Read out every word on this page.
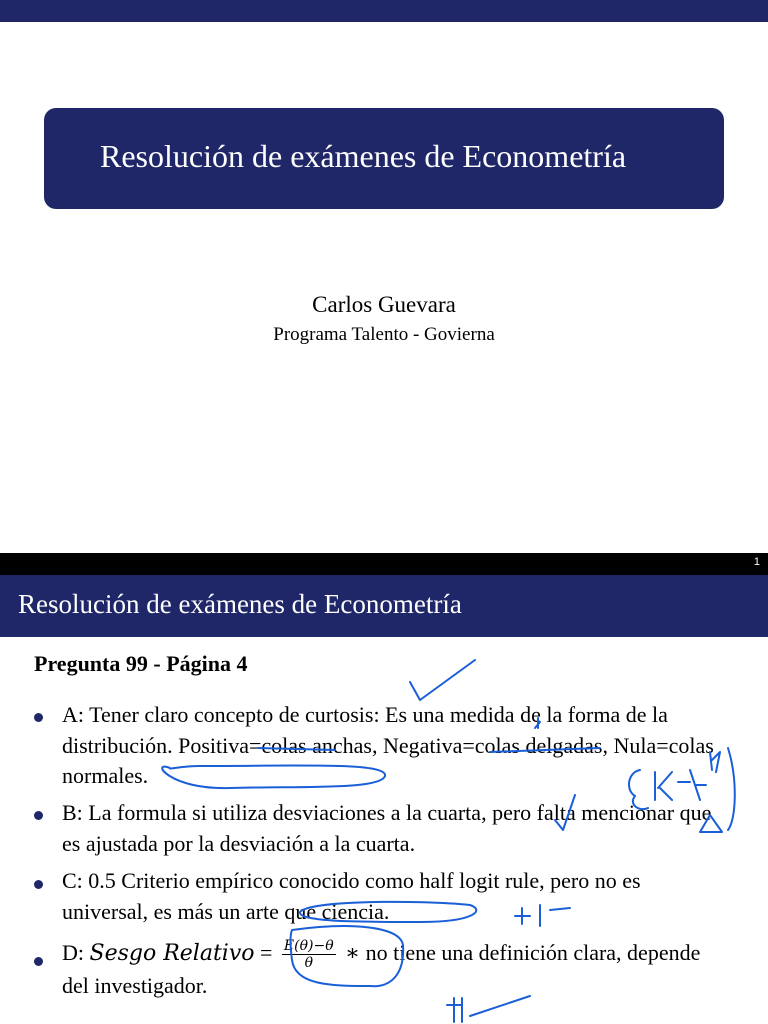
Resolución de exámenes de Econometría
Carlos Guevara
Programa Talento - Govierna
1
Resolución de exámenes de Econometría
Pregunta 99 - Página 4
A: Tener claro concepto de curtosis: Es una medida de la forma de la distribución. Positiva=colas anchas, Negativa=colas delgadas, Nula=colas normales.
B: La formula si utiliza desviaciones a la cuarta, pero falta mencionar que es ajustada por la desviación a la cuarta.
C: 0.5 Criterio empírico conocido como half logit rule, pero no es universal, es más un arte que ciencia.
D: Sesgo Relativo = $\frac{E(\theta)-\theta}{\theta}$ ∗ no tiene una definición clara, depende del investigador.
